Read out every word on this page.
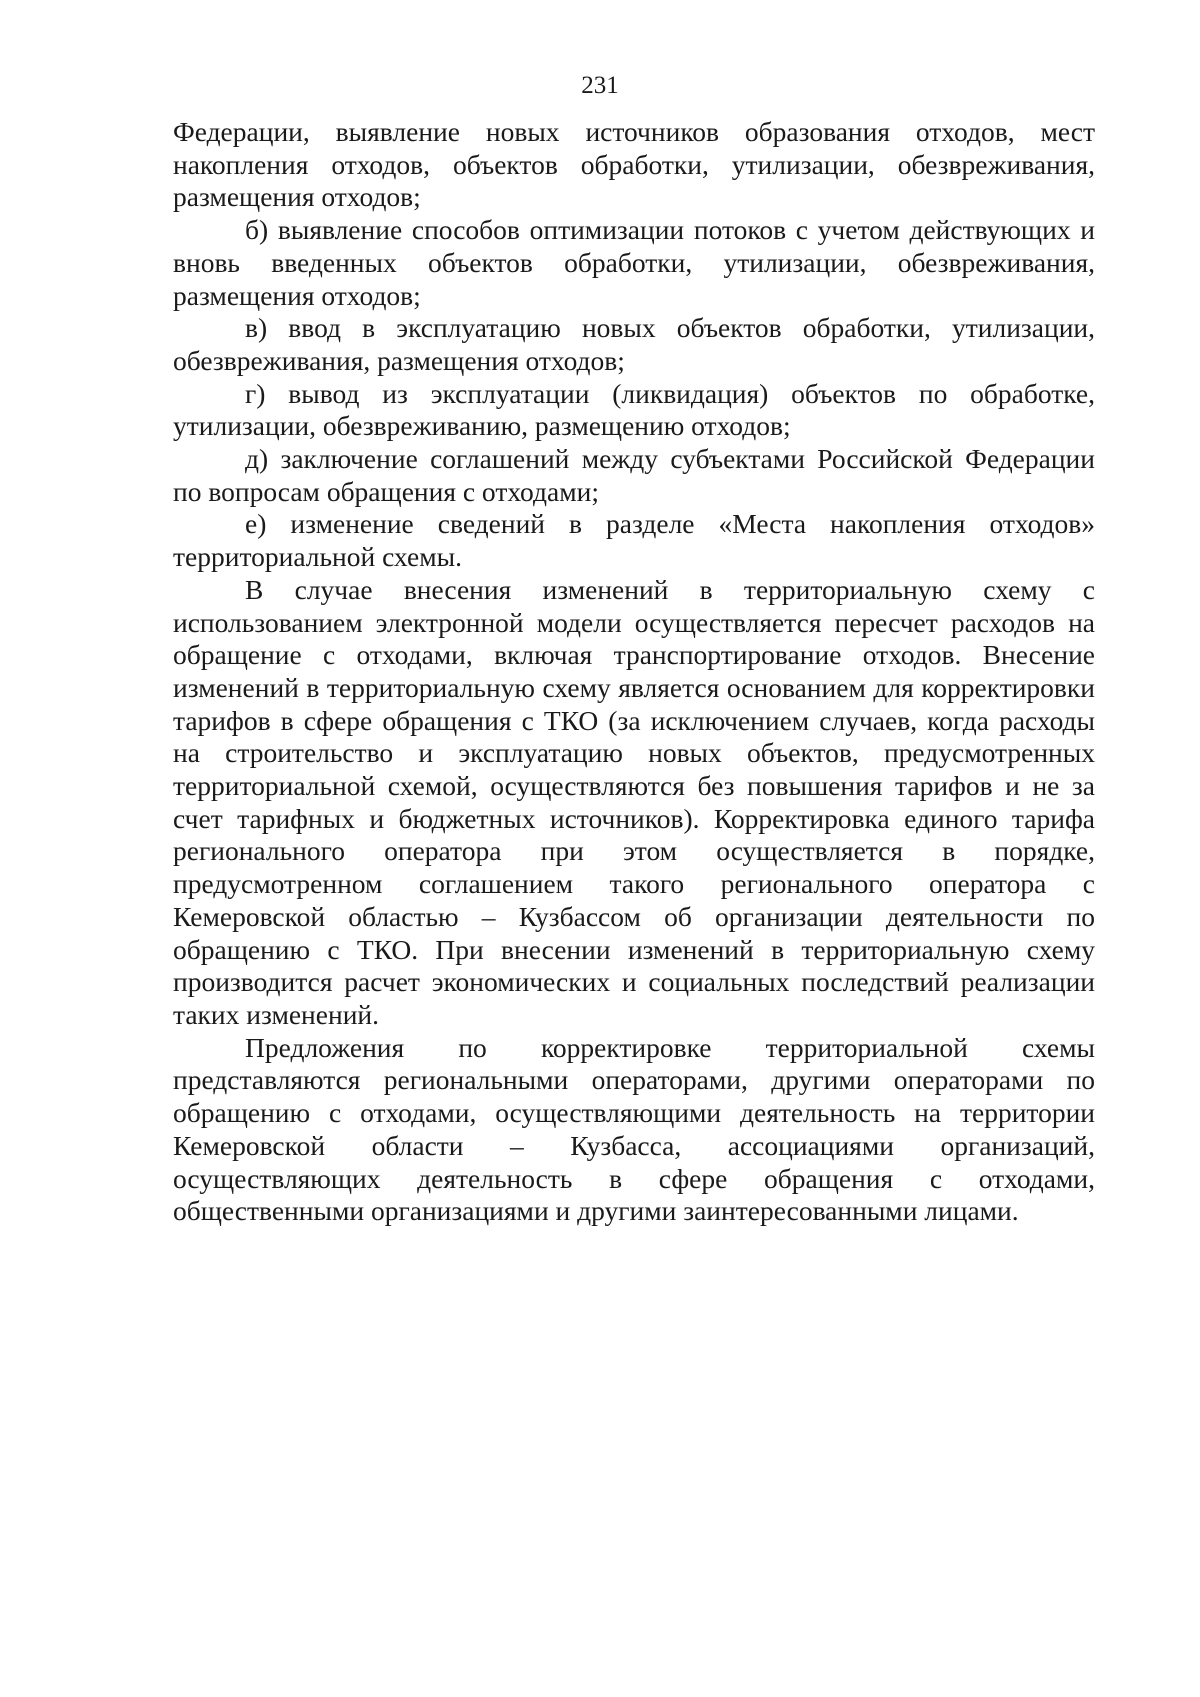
231

Федерации, выявление новых источников образования отходов, мест накопления отходов, объектов обработки, утилизации, обезвреживания, размещения отходов;

б) выявление способов оптимизации потоков с учетом действующих и вновь введенных объектов обработки, утилизации, обезвреживания, размещения отходов;

в) ввод в эксплуатацию новых объектов обработки, утилизации, обезвреживания, размещения отходов;

г) вывод из эксплуатации (ликвидация) объектов по обработке, утилизации, обезвреживанию, размещению отходов;

д) заключение соглашений между субъектами Российской Федерации по вопросам обращения с отходами;

е) изменение сведений в разделе «Места накопления отходов» территориальной схемы.

В случае внесения изменений в территориальную схему с использованием электронной модели осуществляется пересчет расходов на обращение с отходами, включая транспортирование отходов. Внесение изменений в территориальную схему является основанием для корректировки тарифов в сфере обращения с ТКО (за исключением случаев, когда расходы на строительство и эксплуатацию новых объектов, предусмотренных территориальной схемой, осуществляются без повышения тарифов и не за счет тарифных и бюджетных источников). Корректировка единого тарифа регионального оператора при этом осуществляется в порядке, предусмотренном соглашением такого регионального оператора с Кемеровской областью – Кузбассом об организации деятельности по обращению с ТКО. При внесении изменений в территориальную схему производится расчет экономических и социальных последствий реализации таких изменений.

Предложения по корректировке территориальной схемы представляются региональными операторами, другими операторами по обращению с отходами, осуществляющими деятельность на территории Кемеровской области – Кузбасса, ассоциациями организаций, осуществляющих деятельность в сфере обращения с отходами, общественными организациями и другими заинтересованными лицами.
